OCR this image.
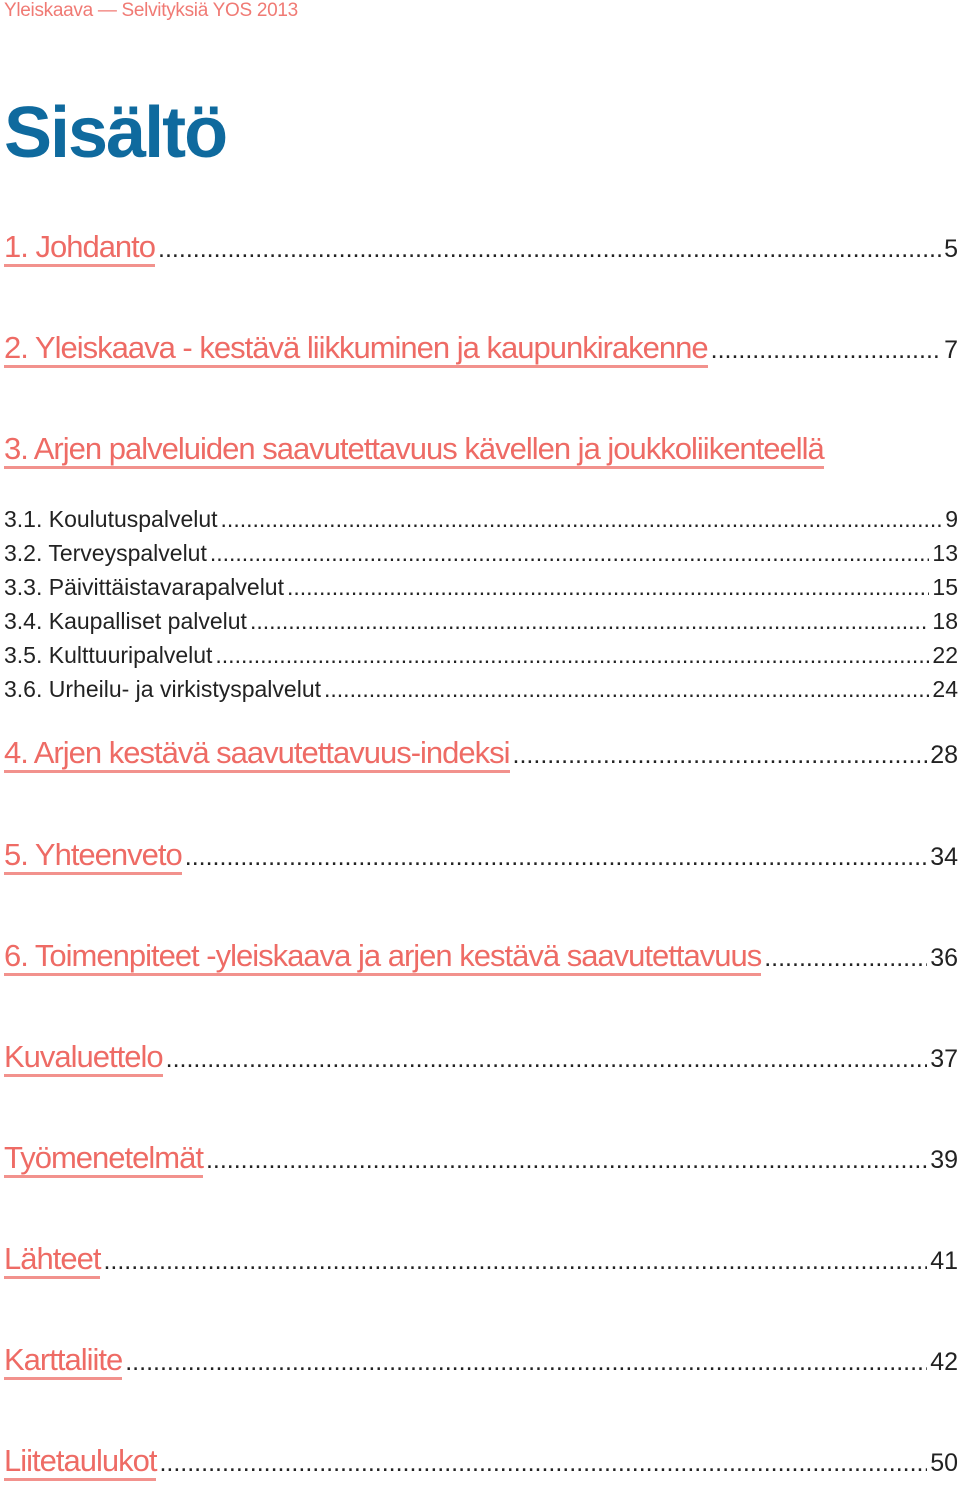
Yleiskaava — Selvityksiä YOS 2013
Sisältö
1. Johdanto .....	5
2. Yleiskaava - kestävä liikkuminen ja kaupunkirakenne .....	7
3. Arjen palveluiden saavutettavuus kävellen ja joukkoliikenteellä
3.1. Koulutuspalvelut .....	9
3.2. Terveyspalvelut .....	13
3.3. Päivittäistavarapalvelut .....	15
3.4. Kaupalliset palvelut .....	18
3.5. Kulttuuripalvelut .....	22
3.6. Urheilu- ja virkistyspalvelut .....	24
4. Arjen kestävä saavutettavuus-indeksi .....	28
5. Yhteenveto .....	34
6. Toimenpiteet -yleiskaava ja arjen kestävä saavutettavuus .....	36
Kuvaluettelo .....	37
Työmenetelmät .....	39
Lähteet .....	41
Karttaliite .....	42
Liitetaulukot .....	50
